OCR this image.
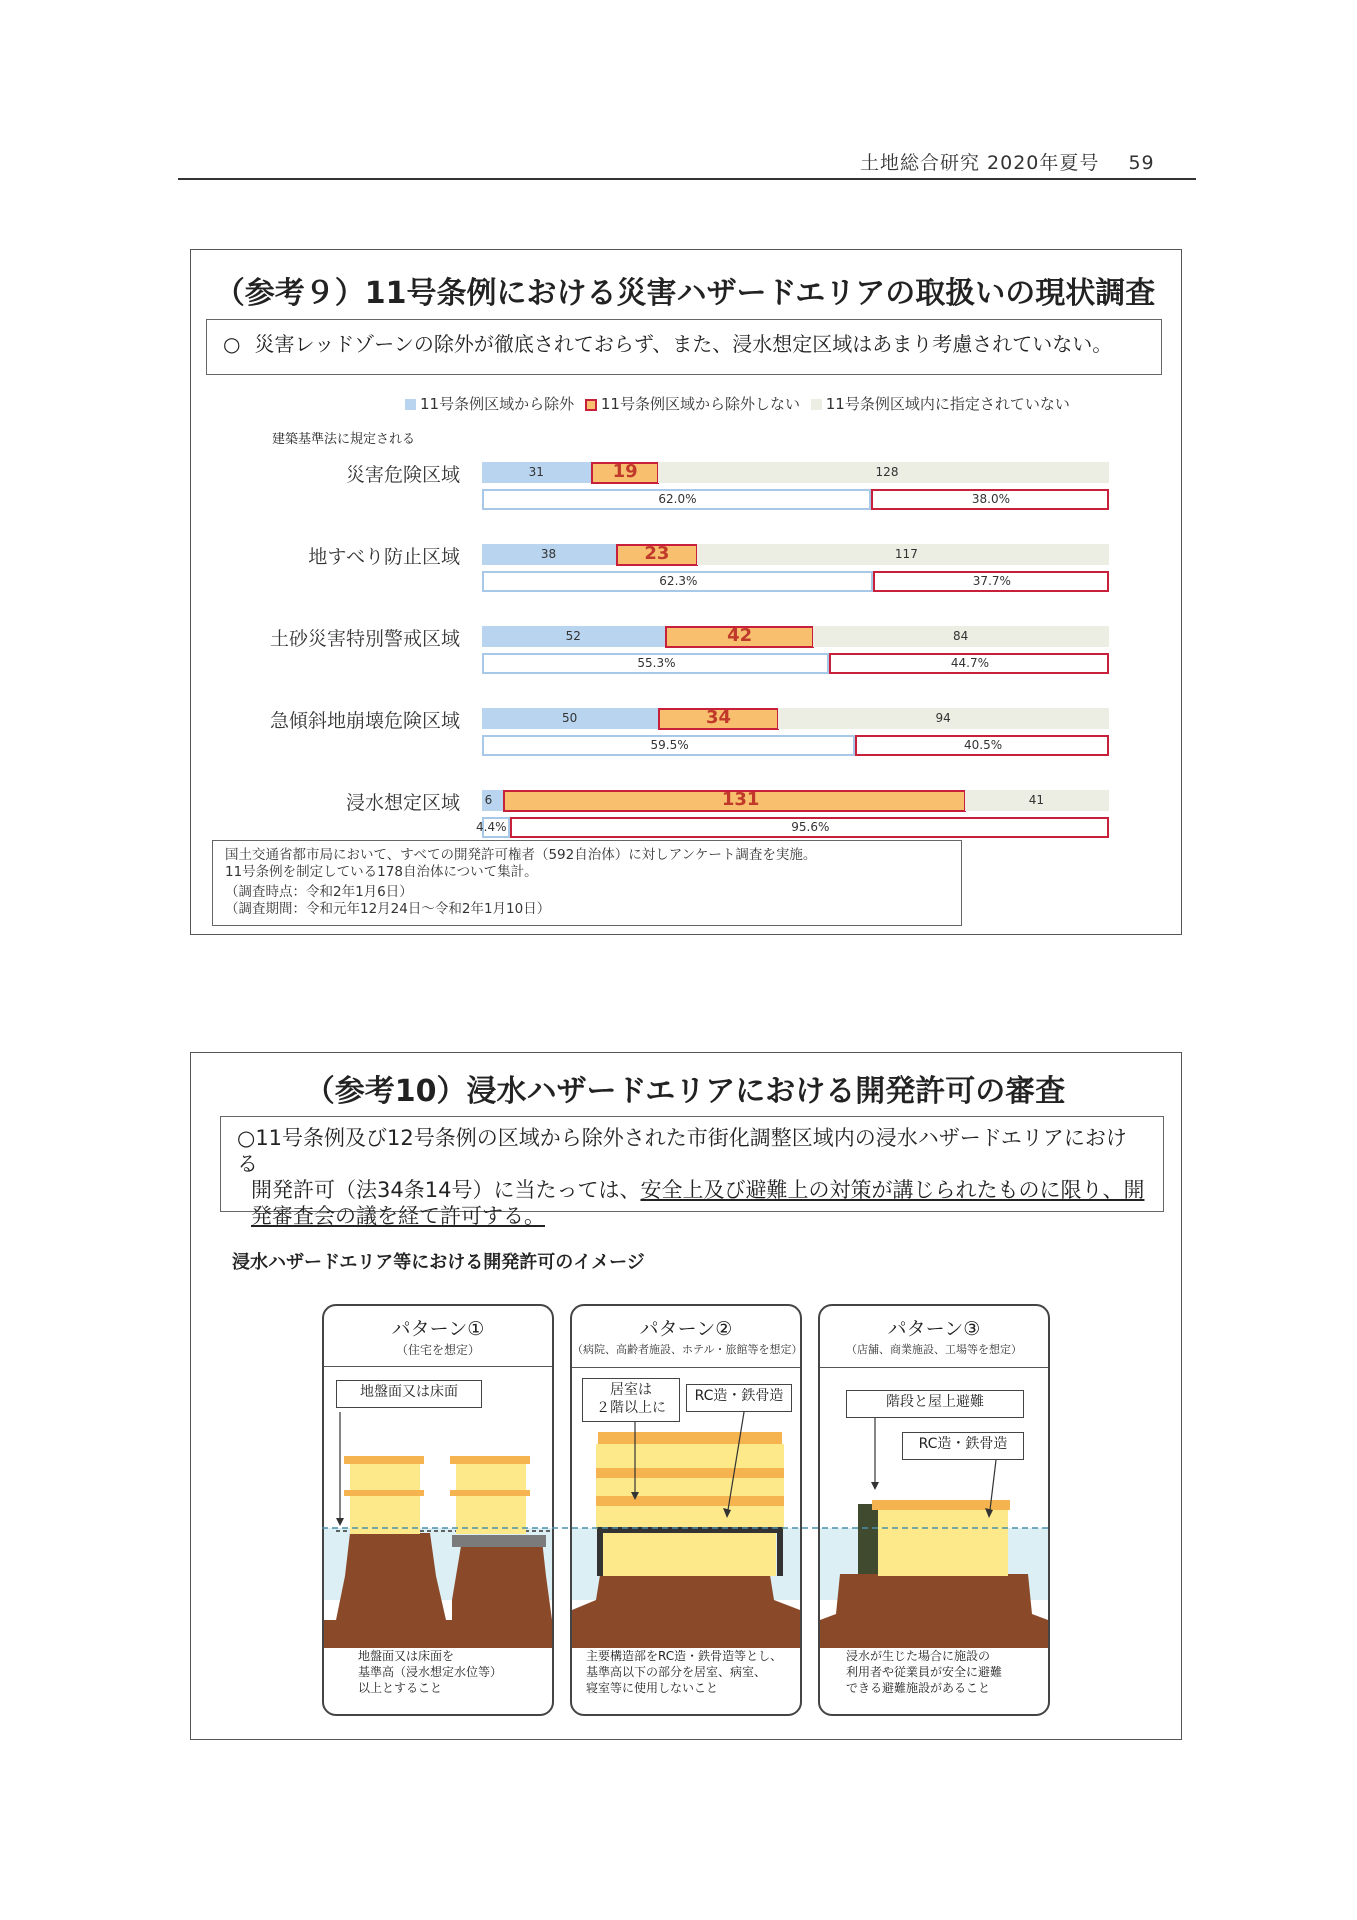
土地総合研究 2020年夏号 59
（参考９）11号条例における災害ハザードエリアの取扱いの現状調査
○ 災害レッドゾーンの除外が徹底されておらず、また、浸水想定区域はあまり考慮されていない。
11号条例区域から除外 11号条例区域から除外しない 11号条例区域内に指定されていない
建築基準法に規定される
災害危険区域	31	19	128
62.0%	38.0%
地すべり防止区域	38	23	117
62.3%	37.7%
土砂災害特別警戒区域	52	42	84
55.3%	44.7%
急傾斜地崩壊危険区域	50	34	94
59.5%	40.5%
浸水想定区域 6	131	41
4.4%	95.6%
国土交通省都市局において、すべての開発許可権者（592自治体）に対しアンケート調査を実施。
11号条例を制定している178自治体について集計。
（調査時点：令和2年1月6日）
（調査期間：令和元年12月24日～令和2年1月10日）
（参考10）浸水ハザードエリアにおける開発許可の審査
○11号条例及び12号条例の区域から除外された市街化調整区域内の浸水ハザードエリアにおける
開発許可（法34条14号）に当たっては、安全上及び避難上の対策が講じられたものに限り、開
発審査会の議を経て許可する。
浸水ハザードエリア等における開発許可のイメージ
パターン①
（住宅を想定）
パターン②
（病院、高齢者施設、ホテル・旅館等を想定）
パターン③
（店舗、商業施設、工場等を想定）
地盤面又は床面	居室は
２階以上に
RC造・鉄骨造	階段と屋上避難
RC造・鉄骨造
地盤面又は床面を
基準高（浸水想定水位等）
以上とすること
主要構造部をRC造・鉄骨造等とし、
基準高以下の部分を居室、病室、
寝室等に使用しないこと
浸水が生じた場合に施設の
利用者や従業員が安全に避難
できる避難施設があること
